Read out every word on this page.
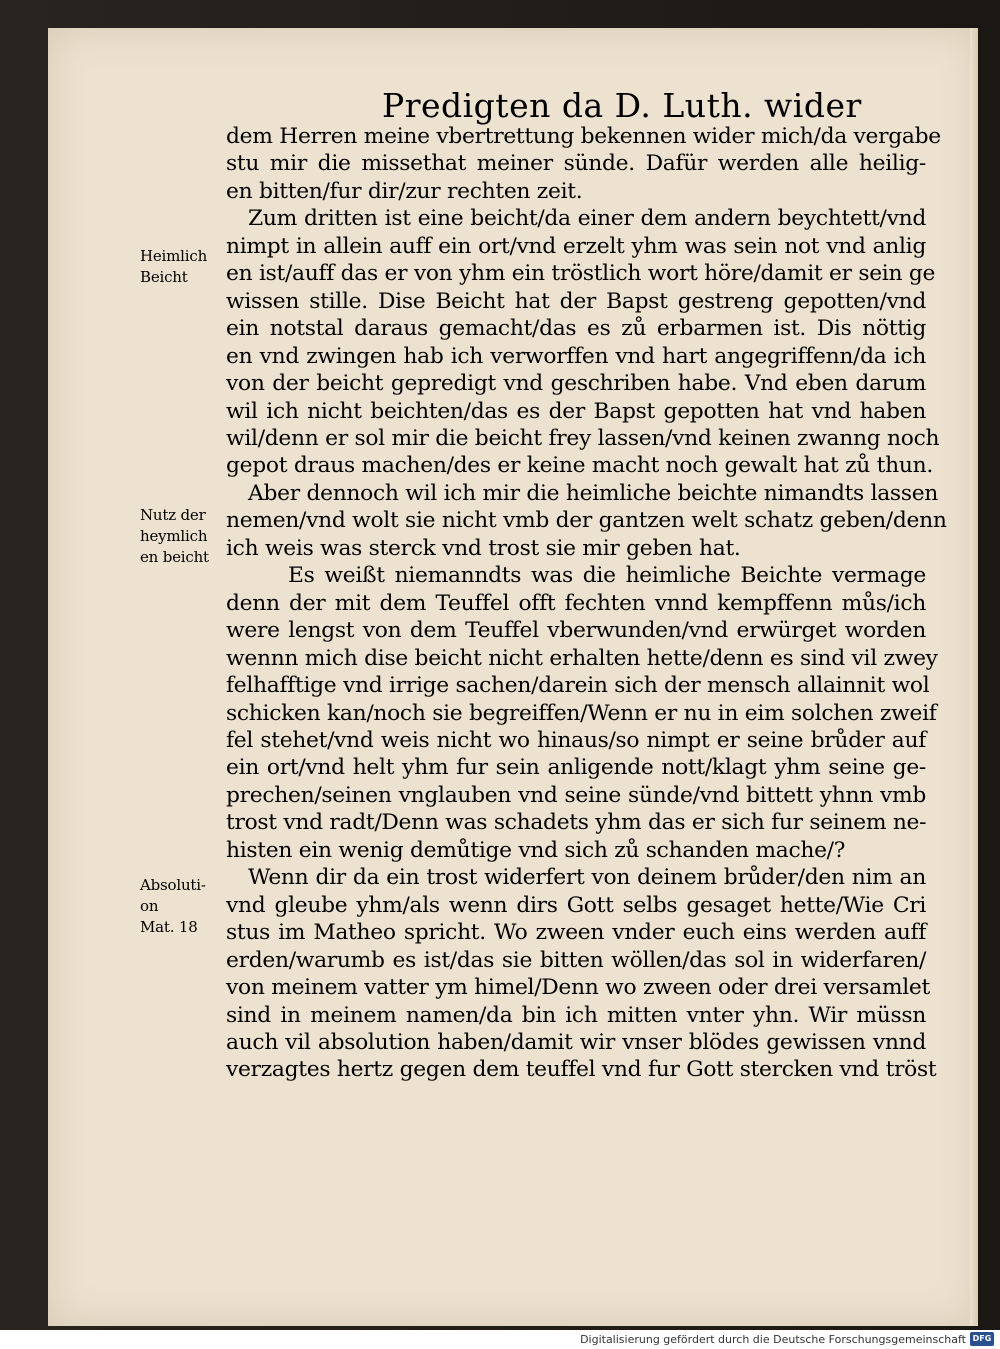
Predigten da D. Luth. wider
Heimlich
Beicht
Nutz der
heymlich
en beicht
Absoluti-
on
Mat. 18
dem Herren meine vbertrettung bekennen wider mich/da vergabe
stu mir die missethat meiner sünde. Dafür werden alle heilig-
en bitten/fur dir/zur rechten zeit.
Zum dritten ist eine beicht/da einer dem andern beychtett/vnd
nimpt in allein auff ein ort/vnd erzelt yhm was sein not vnd anlig
en ist/auff das er von yhm ein tröstlich wort höre/damit er sein ge
wissen stille. Dise Beicht hat der Bapst gestreng gepotten/vnd
ein notstal daraus gemacht/das es zů erbarmen ist. Dis nöttig
en vnd zwingen hab ich verworffen vnd hart angegriffenn/da ich
von der beicht gepredigt vnd geschriben habe. Vnd eben darum
wil ich nicht beichten/das es der Bapst gepotten hat vnd haben
wil/denn er sol mir die beicht frey lassen/vnd keinen zwanng noch
gepot draus machen/des er keine macht noch gewalt hat zů thun.
Aber dennoch wil ich mir die heimliche beichte nimandts lassen
nemen/vnd wolt sie nicht vmb der gantzen welt schatz geben/denn
ich weis was sterck vnd trost sie mir geben hat.
Es weißt niemanndts was die heimliche Beichte vermage
denn der mit dem Teuffel offt fechten vnnd kempffenn můs/ich
were lengst von dem Teuffel vberwunden/vnd erwürget worden
wennn mich dise beicht nicht erhalten hette/denn es sind vil zwey
felhafftige vnd irrige sachen/darein sich der mensch allainnit wol
schicken kan/noch sie begreiffen/Wenn er nu in eim solchen zweif
fel stehet/vnd weis nicht wo hinaus/so nimpt er seine brůder auf
ein ort/vnd helt yhm fur sein anligende nott/klagt yhm seine ge-
prechen/seinen vnglauben vnd seine sünde/vnd bittett yhnn vmb
trost vnd radt/Denn was schadets yhm das er sich fur seinem ne-
histen ein wenig demůtige vnd sich zů schanden mache/?
Wenn dir da ein trost widerfert von deinem brůder/den nim an
vnd gleube yhm/als wenn dirs Gott selbs gesaget hette/Wie Cri
stus im Matheo spricht. Wo zween vnder euch eins werden auff
erden/warumb es ist/das sie bitten wöllen/das sol in widerfaren/
von meinem vatter ym himel/Denn wo zween oder drei versamlet
sind in meinem namen/da bin ich mitten vnter yhn. Wir müssn
auch vil absolution haben/damit wir vnser blödes gewissen vnnd
verzagtes hertz gegen dem teuffel vnd fur Gott stercken vnd tröst
Digitalisierung gefördert durch die Deutsche Forschungsgemeinschaft DFG
